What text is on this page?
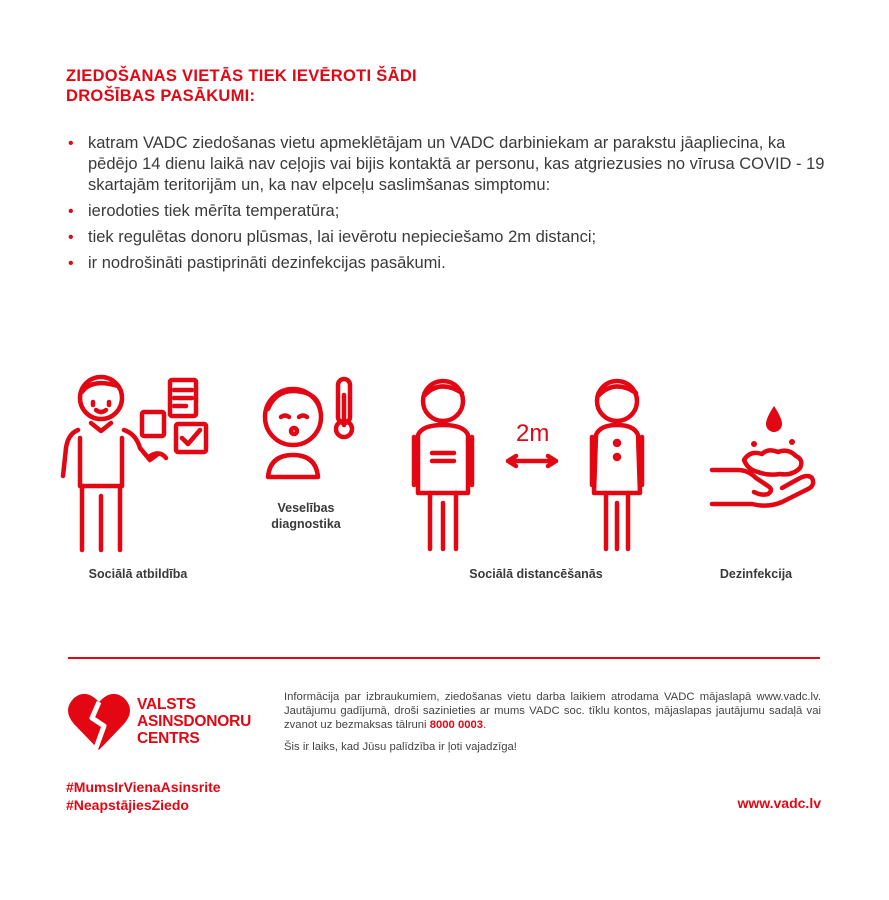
ZIEDOŠANAS VIETĀS TIEK IEVĒROTI ŠĀDI
DROŠĪBAS PASĀKUMI:
• katram VADC ziedošanas vietu apmeklētājam un VADC darbiniekam ar parakstu jāapliecina, ka pēdējo 14 dienu laikā nav ceļojis vai bijis kontaktā ar personu, kas atgriezusies no vīrusa COVID - 19 skartajām teritorijām un, ka nav elpceļu saslimšanas simptomu:
• ierodoties tiek mērīta temperatūra;
• tiek regulētas donoru plūsmas, lai ievērotu nepieciešamo 2m distanci;
• ir nodrošināti pastiprināti dezinfekcijas pasākumi.
Sociālā atbildība
Veselības
diagnostika
2m
Sociālā distancēšanās	Dezinfekcija
VALSTS
ASINSDONORU
CENTRS

Informācija par izbraukumiem, ziedošanas vietu darba laikiem atrodama VADC mājaslapā www.vadc.lv. Jautājumu gadījumā, droši sazinieties ar mums VADC soc. tīklu kontos, mājaslapas jautājumu sadaļā vai zvanot uz bezmaksas tālruni 8000 0003.

Šis ir laiks, kad Jūsu palīdzība ir ļoti vajadzīga!
#MumsIrVienaAsinsrite
#NeapstājiesZiedo	www.vadc.lv
